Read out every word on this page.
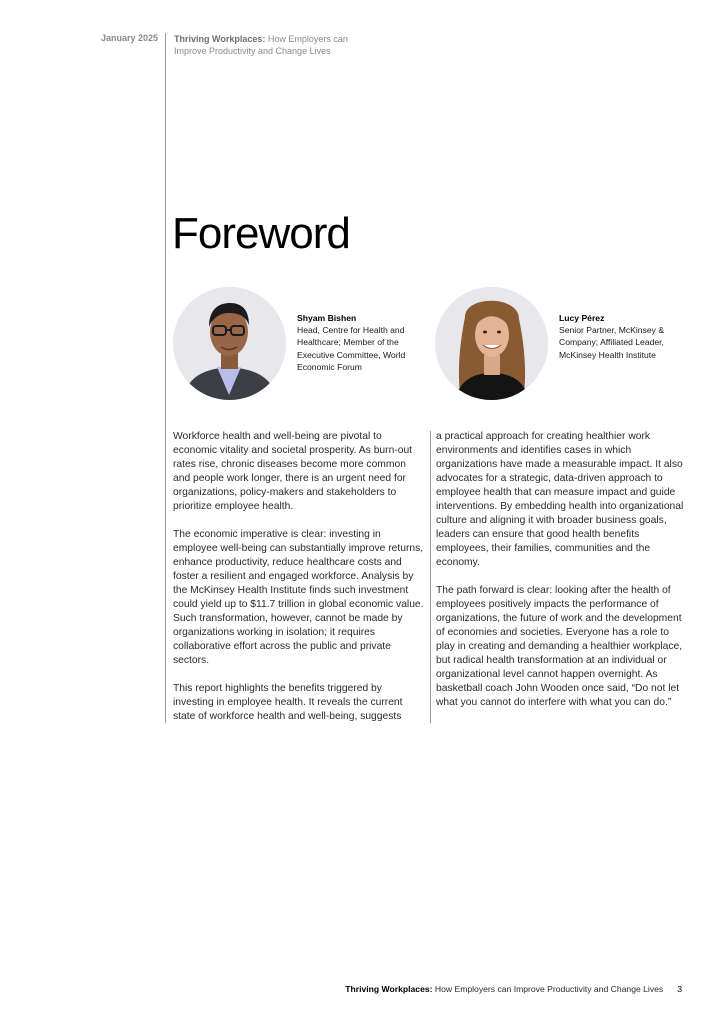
January 2025 Thriving Workplaces: How Employers can Improve Productivity and Change Lives
Foreword
Shyam Bishen
Head, Centre for Health and Healthcare; Member of the Executive Committee, World Economic Forum
Lucy Pérez
Senior Partner, McKinsey & Company; Affiliated Leader, McKinsey Health Institute

Workforce health and well-being are pivotal to economic vitality and societal prosperity. As burn-out rates rise, chronic diseases become more common and people work longer, there is an urgent need for organizations, policy-makers and stakeholders to prioritize employee health.

The economic imperative is clear: investing in employee well-being can substantially improve returns, enhance productivity, reduce healthcare costs and foster a resilient and engaged workforce. Analysis by the McKinsey Health Institute finds such investment could yield up to $11.7 trillion in global economic value. Such transformation, however, cannot be made by organizations working in isolation; it requires collaborative effort across the public and private sectors.

This report highlights the benefits triggered by investing in employee health. It reveals the current state of workforce health and well-being, suggests

a practical approach for creating healthier work environments and identifies cases in which organizations have made a measurable impact. It also advocates for a strategic, data-driven approach to employee health that can measure impact and guide interventions. By embedding health into organizational culture and aligning it with broader business goals, leaders can ensure that good health benefits employees, their families, communities and the economy.

The path forward is clear: looking after the health of employees positively impacts the performance of organizations, the future of work and the development of economies and societies. Everyone has a role to play in creating and demanding a healthier workplace, but radical health transformation at an individual or organizational level cannot happen overnight. As basketball coach John Wooden once said, “Do not let what you cannot do interfere with what you can do.”

Thriving Workplaces: How Employers can Improve Productivity and Change Lives 3
